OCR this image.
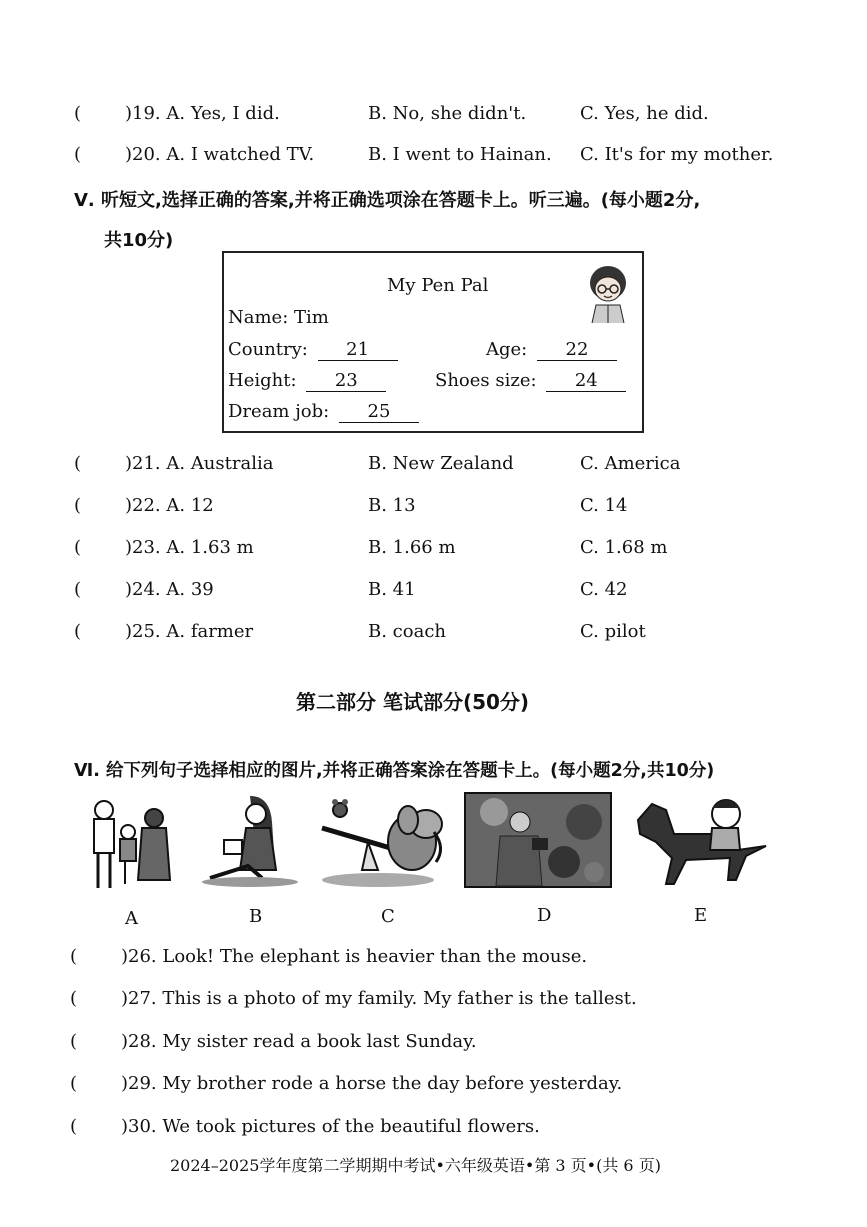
( )19. A. Yes, I did.	B. No, she didn't.	C. Yes, he did.
( )20. A. I watched TV.	B. I went to Hainan. C. It's for my mother.
Ⅴ. 听短文,选择正确的答案,并将正确选项涂在答题卡上。听三遍。(每小题2分,
共10分)
My Pen Pal
Name: Tim
Country: 21	Age: 22
Height: 23	Shoes size: 24
Dream job: 25
( )21. A. Australia	B. New Zealand	C. America
( )22. A. 12	B. 13	C. 14
( )23. A. 1.63 m	B. 1.66 m	C. 1.68 m
( )24. A. 39	B. 41	C. 42
( )25. A. farmer	B. coach	C. pilot
第二部分 笔试部分(50分)
Ⅵ. 给下列句子选择相应的图片,并将正确答案涂在答题卡上。(每小题2分,共10分)
A	B	C	D	E
( )26. Look! The elephant is heavier than the mouse.
( )27. This is a photo of my family. My father is the tallest.
( )28. My sister read a book last Sunday.
( )29. My brother rode a horse the day before yesterday.
( )30. We took pictures of the beautiful flowers.
2024–2025学年度第二学期期中考试•六年级英语•第 3 页•(共 6 页)
